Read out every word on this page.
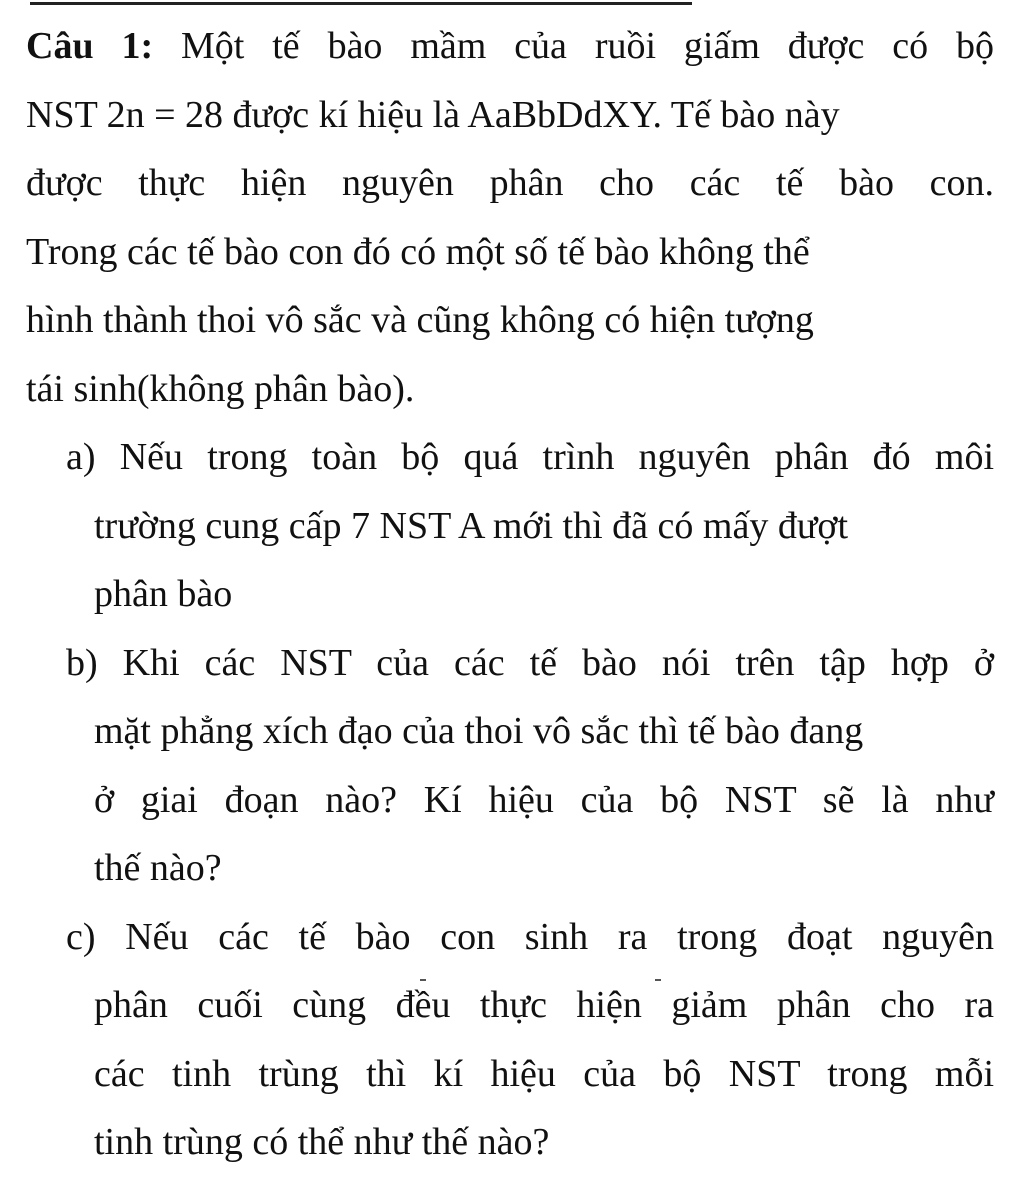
Câu 1: Một tế bào mầm của ruồi giấm được có bộ
NST 2n = 28 được kí hiệu là AaBbDdXY. Tế bào này
được thực hiện nguyên phân cho các tế bào con.
Trong các tế bào con đó có một số tế bào không thể
hình thành thoi vô sắc và cũng không có hiện tượng
tái sinh(không phân bào).
a) Nếu trong toàn bộ quá trình nguyên phân đó môi
trường cung cấp 7 NST A mới thì đã có mấy đượt
phân bào
b) Khi các NST của các tế bào nói trên tập hợp ở
mặt phẳng xích đạo của thoi vô sắc thì tế bào đang
ở giai đoạn nào? Kí hiệu của bộ NST sẽ là như
thế nào?
c) Nếu các tế bào con sinh ra trong đoạt nguyên
phân cuối cùng đều thực hiện giảm phân cho ra
các tinh trùng thì kí hiệu của bộ NST trong mỗi
tinh trùng có thể như thế nào?
